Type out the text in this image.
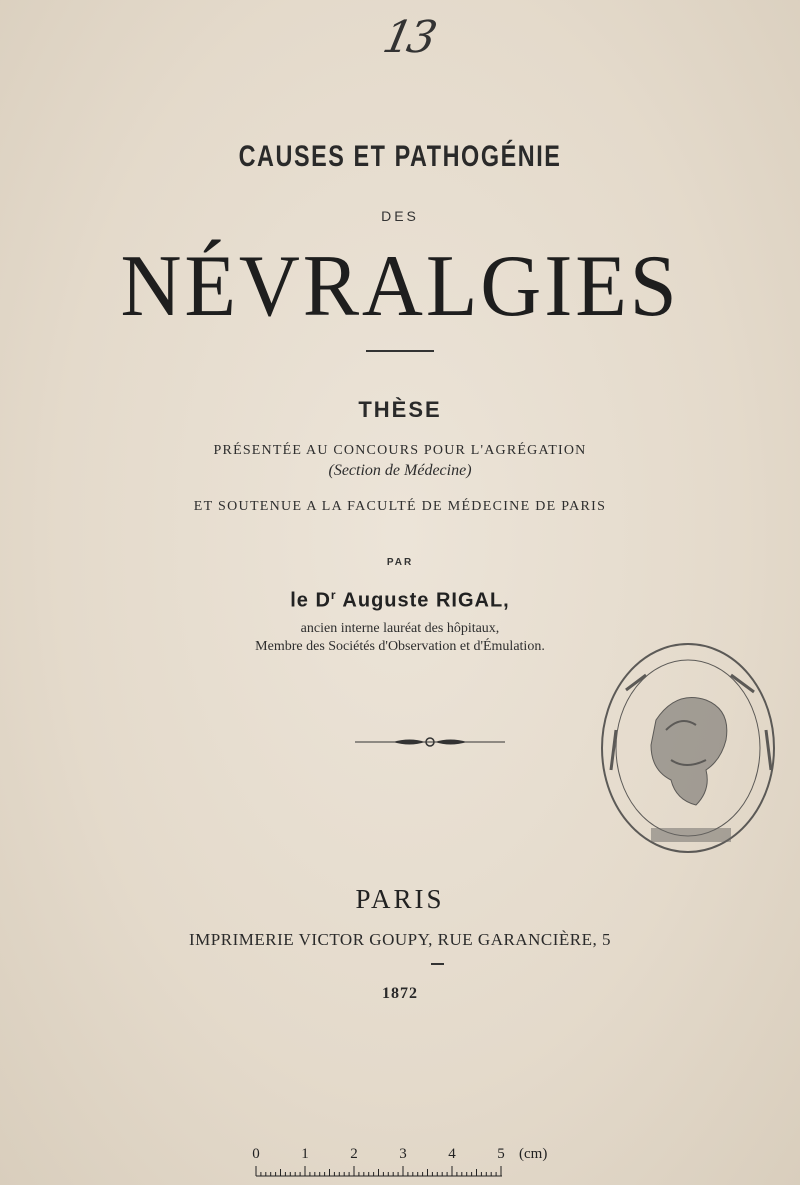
13
CAUSES ET PATHOGÉNIE
DES
NÉVRALGIES
THÈSE
PRÉSENTÉE AU CONCOURS POUR L'AGRÉGATION
(Section de Médecine)
ET SOUTENUE A LA FACULTÉ DE MÉDECINE DE PARIS
PAR
le $D^r$ Auguste RIGAL,
ancien interne lauréat des hôpitaux,
Membre des Sociétés d'Observation et d'Émulation.
PARIS
IMPRIMERIE VICTOR GOUPY, RUE GARANCIÈRE, 5
1872
0	1	2	3	4	5 (cm)
